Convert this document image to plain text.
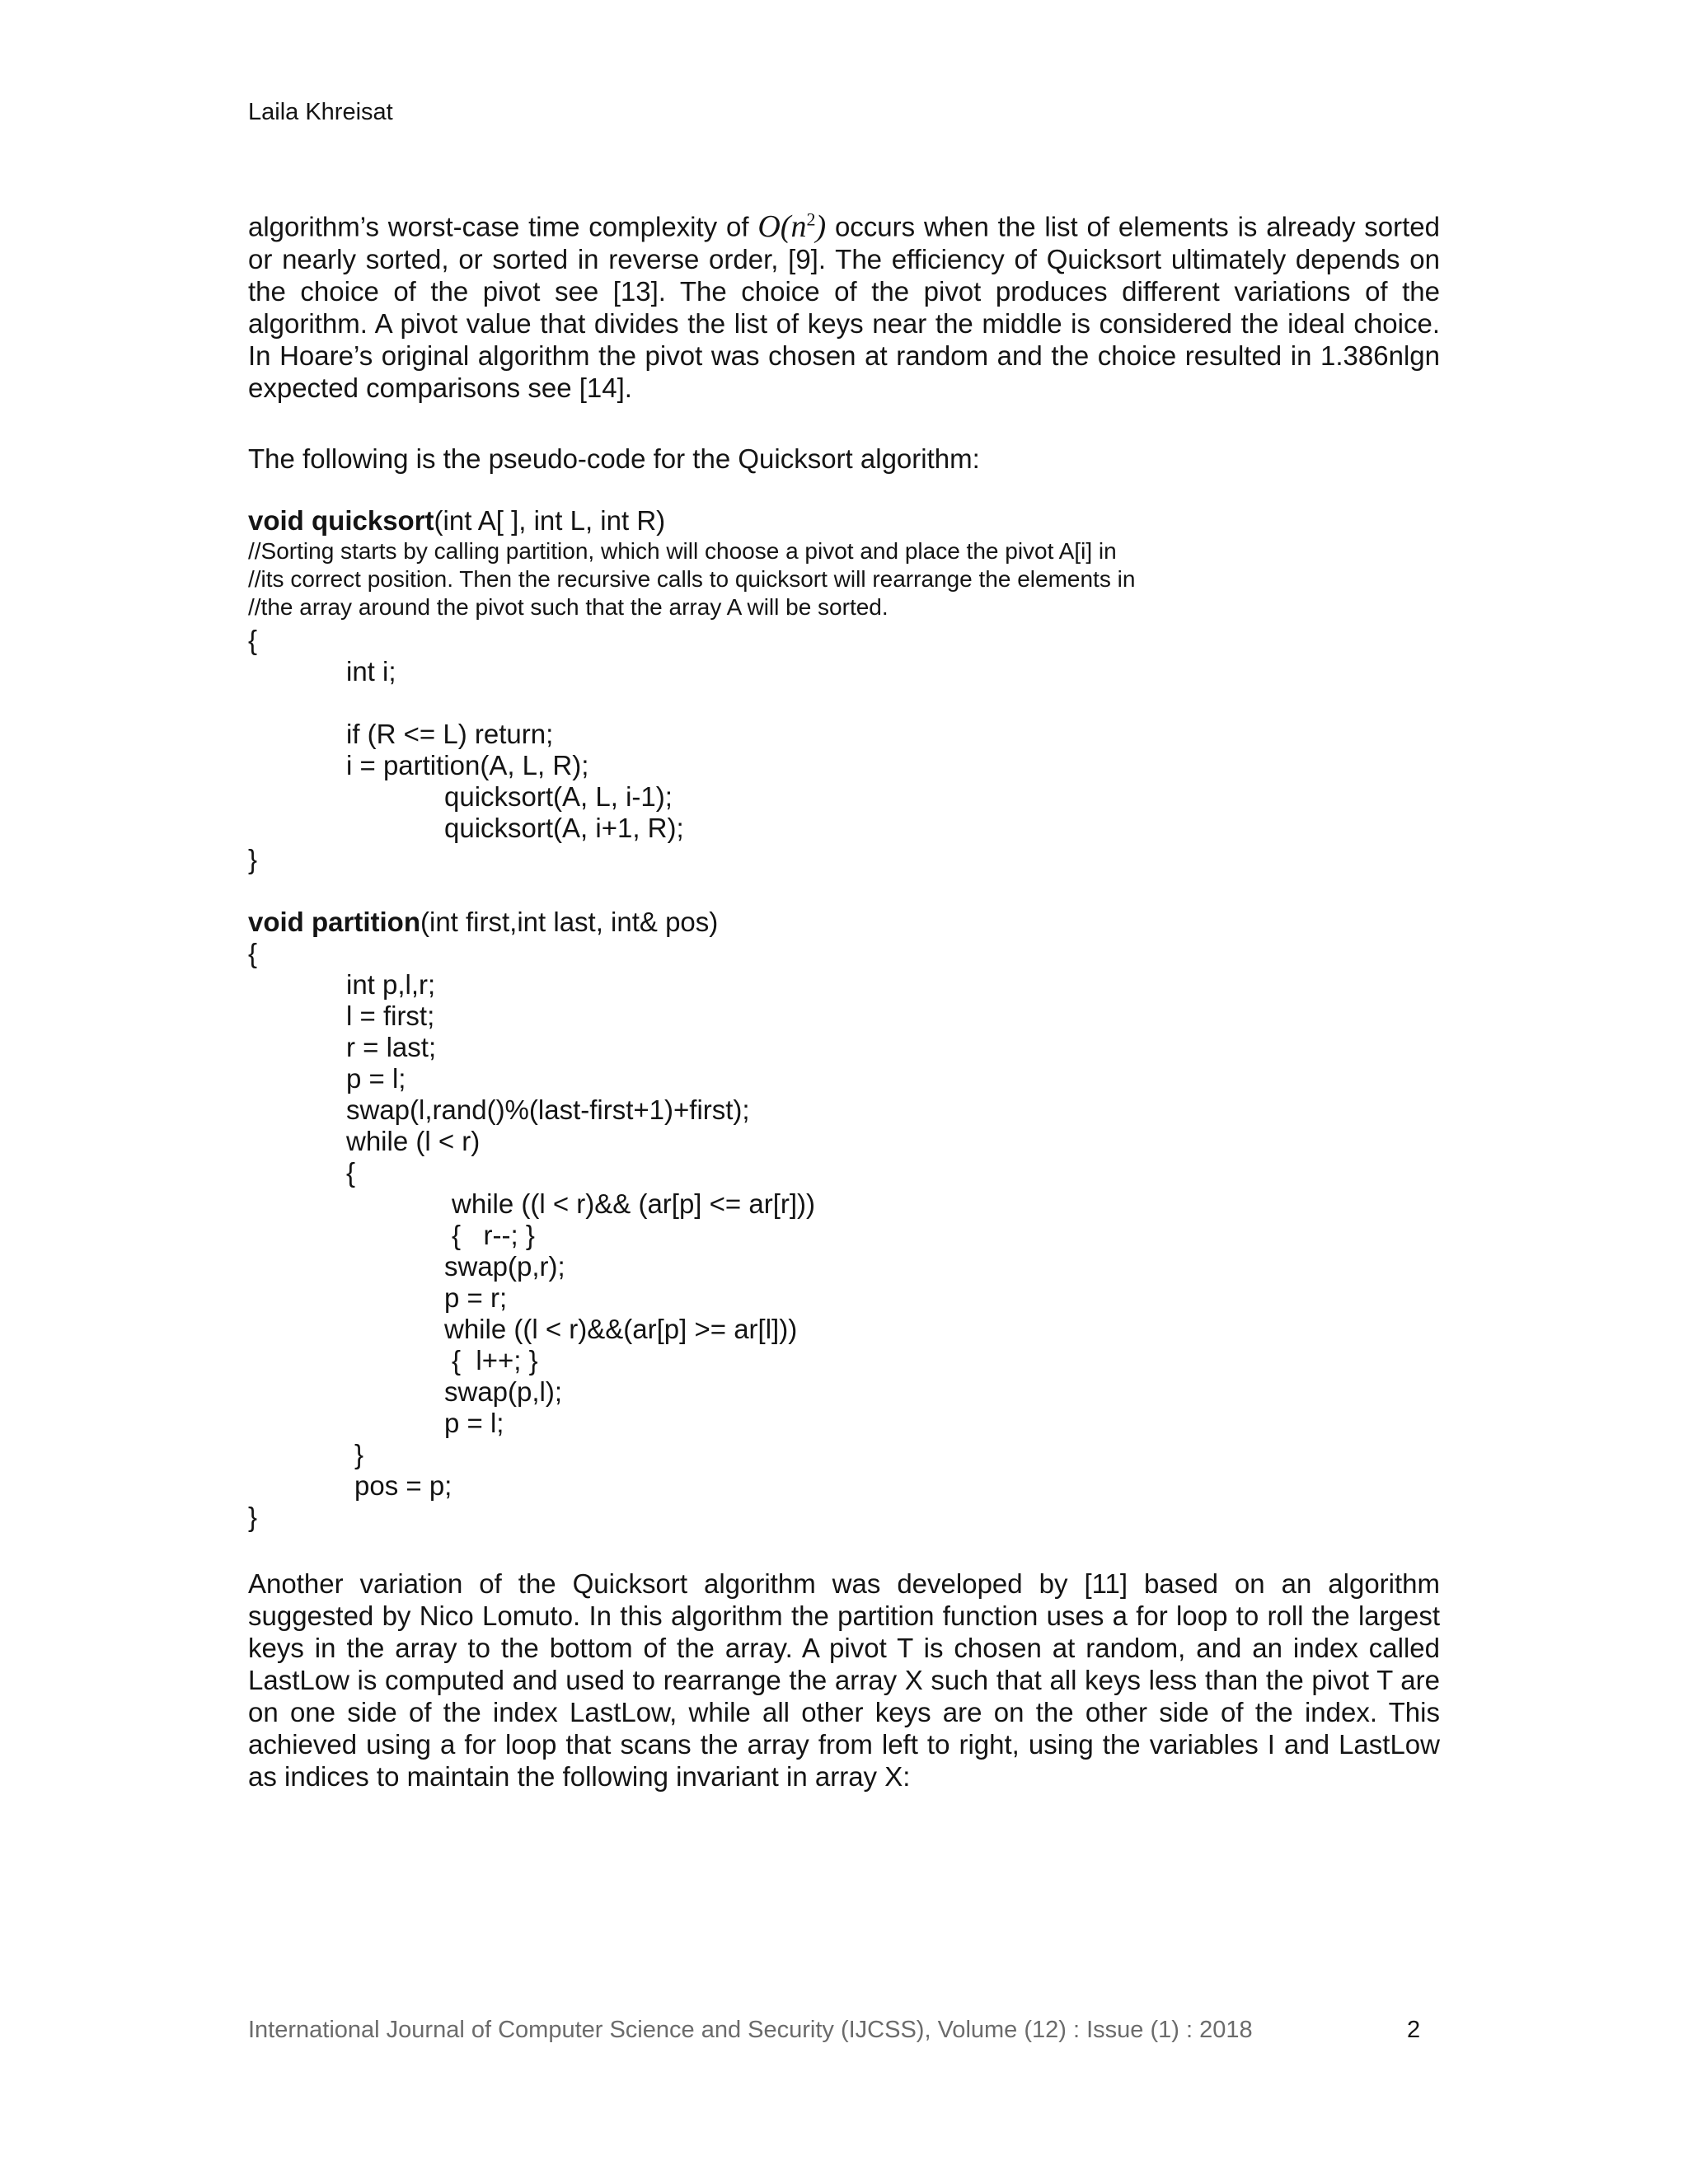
Laila Khreisat

algorithm’s worst-case time complexity of $O(n^2)$ occurs when the list of elements is already sorted or nearly sorted, or sorted in reverse order, [9]. The efficiency of Quicksort ultimately depends on the choice of the pivot see [13]. The choice of the pivot produces different variations of the algorithm. A pivot value that divides the list of keys near the middle is considered the ideal choice. In Hoare’s original algorithm the pivot was chosen at random and the choice resulted in 1.386nlgn expected comparisons see [14].

The following is the pseudo-code for the Quicksort algorithm:

void quicksort(int A[ ], int L, int R)
//Sorting starts by calling partition, which will choose a pivot and place the pivot A[i] in
//its correct position. Then the recursive calls to quicksort will rearrange the elements in
//the array around the pivot such that the array A will be sorted.
{
int i;
if (R <= L) return;
i = partition(A, L, R);
quicksort(A, L, i-1);
quicksort(A, i+1, R);
}
void partition(int first,int last, int& pos)
{
int p,l,r;
l = first;
r = last;
p = l;
swap(l,rand()%(last-first+1)+first);
while (l < r)
{
while ((l < r)&& (ar[p] <= ar[r]))
{   r--; }
swap(p,r);
p = r;
while ((l < r)&&(ar[p] >= ar[l]))
{  l++; }
swap(p,l);
p = l;
}
pos = p;
}

Another variation of the Quicksort algorithm was developed by [11] based on an algorithm suggested by Nico Lomuto. In this algorithm the partition function uses a for loop to roll the largest keys in the array to the bottom of the array. A pivot T is chosen at random, and an index called LastLow is computed and used to rearrange the array X such that all keys less than the pivot T are on one side of the index LastLow, while all other keys are on the other side of the index. This achieved using a for loop that scans the array from left to right, using the variables I and LastLow as indices to maintain the following invariant in array X:

International Journal of Computer Science and Security (IJCSS), Volume (12) : Issue (1) : 2018	2
